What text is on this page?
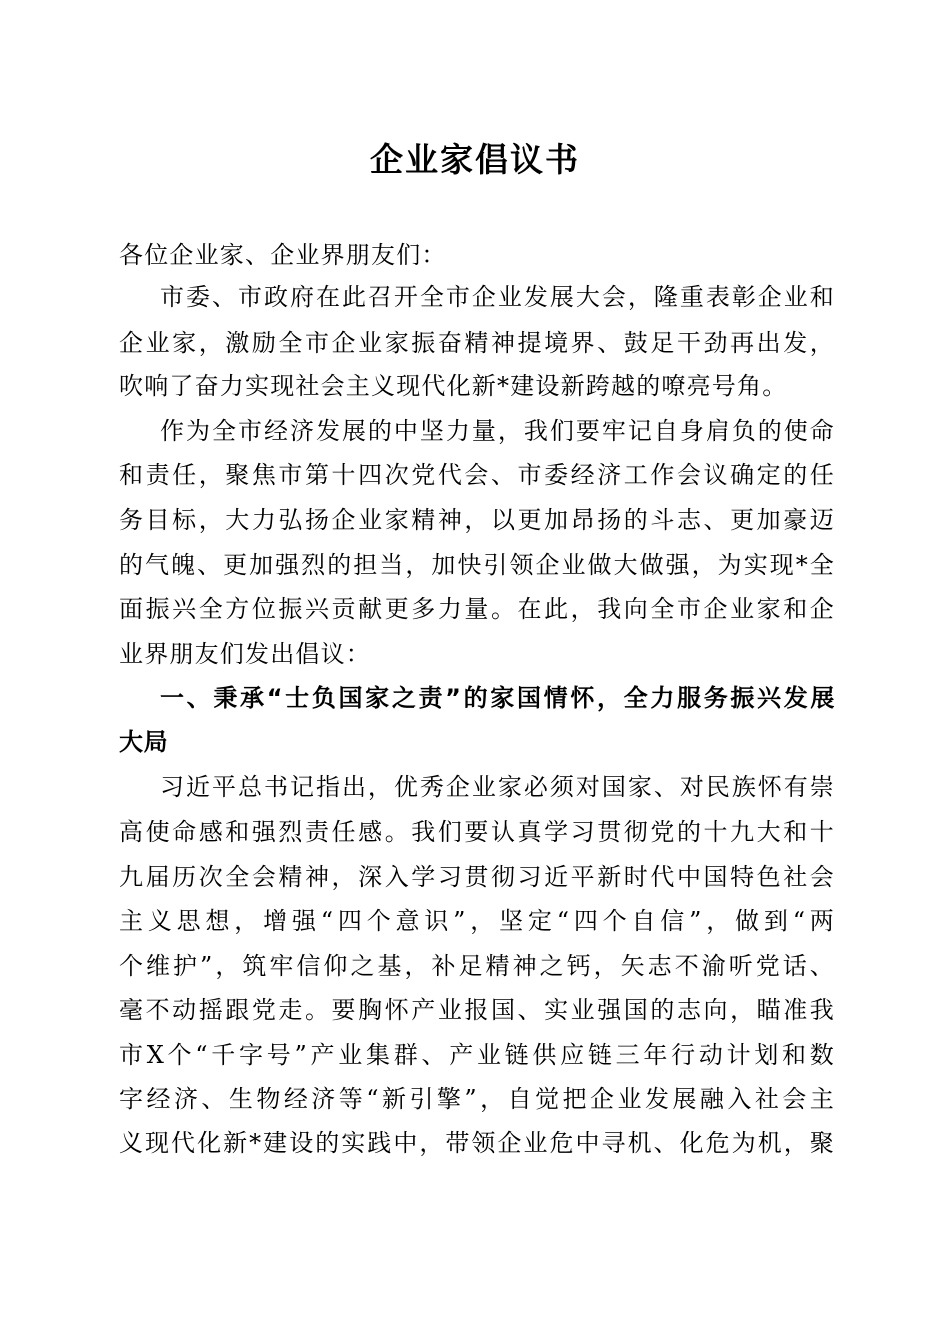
企业家倡议书

各位企业家、企业界朋友们：

市委、市政府在此召开全市企业发展大会，隆重表彰企业和

企业家，激励全市企业家振奋精神提境界、鼓足干劲再出发，

吹响了奋力实现社会主义现代化新*建设新跨越的嘹亮号角。

作为全市经济发展的中坚力量，我们要牢记自身肩负的使命

和责任，聚焦市第十四次党代会、市委经济工作会议确定的任

务目标，大力弘扬企业家精神，以更加昂扬的斗志、更加豪迈

的气魄、更加强烈的担当，加快引领企业做大做强，为实现*全

面振兴全方位振兴贡献更多力量。在此，我向全市企业家和企

业界朋友们发出倡议：

一、秉承“士负国家之责”的家国情怀，全力服务振兴发展

大局

习近平总书记指出，优秀企业家必须对国家、对民族怀有崇

高使命感和强烈责任感。我们要认真学习贯彻党的十九大和十

九届历次全会精神，深入学习贯彻习近平新时代中国特色社会

主义思想，增强“四个意识”，坚定“四个自信”，做到“两

个维护”，筑牢信仰之基，补足精神之钙，矢志不渝听党话、

毫不动摇跟党走。要胸怀产业报国、实业强国的志向，瞄准我

市X个“千字号”产业集群、产业链供应链三年行动计划和数

字经济、生物经济等“新引擎”，自觉把企业发展融入社会主

义现代化新*建设的实践中，带领企业危中寻机、化危为机，聚
